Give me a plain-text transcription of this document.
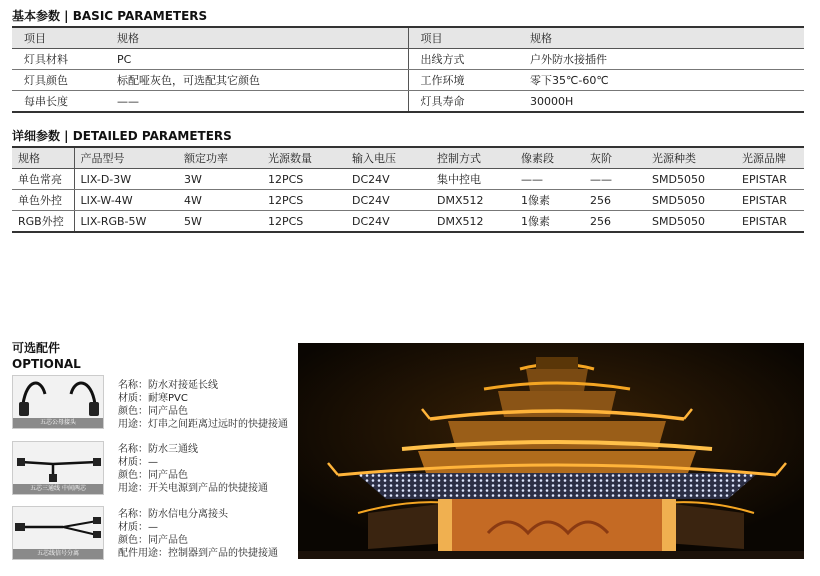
基本参数 | BASIC PARAMETERS
项目	规格	项目	规格
灯具材料	PC	出线方式	户外防水接插件
灯具颜色	标配哑灰色，可选配其它颜色	工作环境	零下35℃-60℃
每串长度	——	灯具寿命	30000H
详细参数 | DETAILED PARAMETERS
规格	产品型号	额定功率	光源数量	输入电压	控制方式	像素段	灰阶	光源种类	光源品牌
单色常亮	LIX-D-3W	3W	12PCS	DC24V	集中控电	——	——	SMD5050	EPISTAR
单色外控	LIX-W-4W	4W	12PCS	DC24V	DMX512	1像素	256	SMD5050	EPISTAR
RGB外控	LIX-RGB-5W	5W	12PCS	DC24V	DMX512	1像素	256	SMD5050	EPISTAR
可选配件
OPTIONAL
五芯公母接头
名称：防水对接延长线
材质：耐寒PVC
颜色：同产品色
用途：灯串之间距离过远时的快捷接通
五芯三通线 中间两芯
名称：防水三通线
材质：—
颜色：同产品色
用途：开关电源到产品的快捷接通
五芯线信号分离
名称：防水信电分离接头
材质：—
颜色：同产品色
配件用途：控制器到产品的快捷接通
